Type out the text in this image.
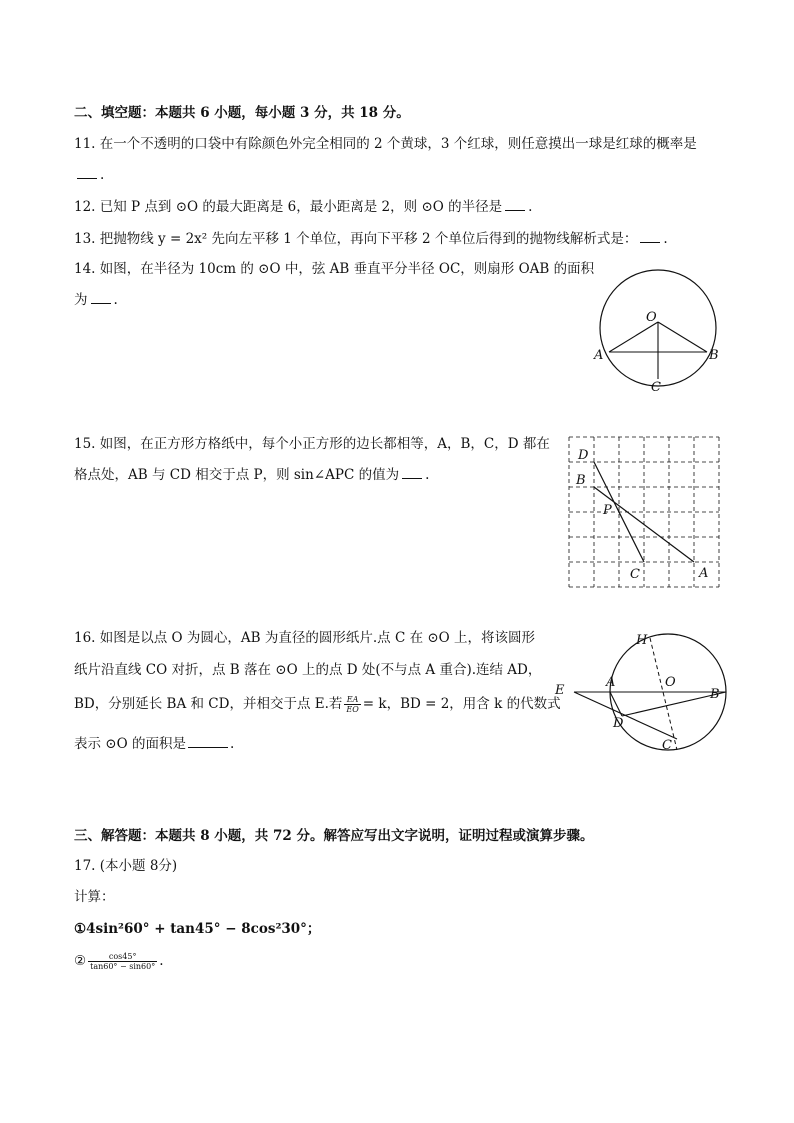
二、填空题：本题共 6 小题，每小题 3 分，共 18 分。
11. 在一个不透明的口袋中有除颜色外完全相同的 2 个黄球，3 个红球，则任意摸出一球是红球的概率是
.
12. 已知 P 点到 ⊙O 的最大距离是 6，最小距离是 2，则 ⊙O 的半径是 .
13. 把抛物线 y = 2x² 先向左平移 1 个单位，再向下平移 2 个单位后得到的抛物线解析式是： .
14. 如图，在半径为 10cm 的 ⊙O 中，弦 AB 垂直平分半径 OC，则扇形 OAB 的面积
为 .
O
A	B
C
15. 如图，在正方形方格纸中，每个小正方形的边长都相等，A，B，C，D 都在
格点处，AB 与 CD 相交于点 P，则 sin∠APC 的值为 .
D
B
P
C	A
16. 如图是以点 O 为圆心，AB 为直径的圆形纸片.点 C 在 ⊙O 上，将该圆形
纸片沿直线 CO 对折，点 B 落在 ⊙O 上的点 D 处(不与点 A 重合).连结 AD，
BD，分别延长 BA 和 CD，并相交于点 E.若 $\frac{EA}{EO} = k$，BD = 2，用含 k 的代数式
表示 ⊙O 的面积是	.
H
A	O
E	B
D
C
三、解答题：本题共 8 小题，共 72 分。解答应写出文字说明，证明过程或演算步骤。
17. (本小题 8分)
计算：
①4sin²60° + tan45° − 8cos²30°；
② $\frac{\cos 45^\circ}{\tan 60^\circ - \sin 60^\circ}$ .
